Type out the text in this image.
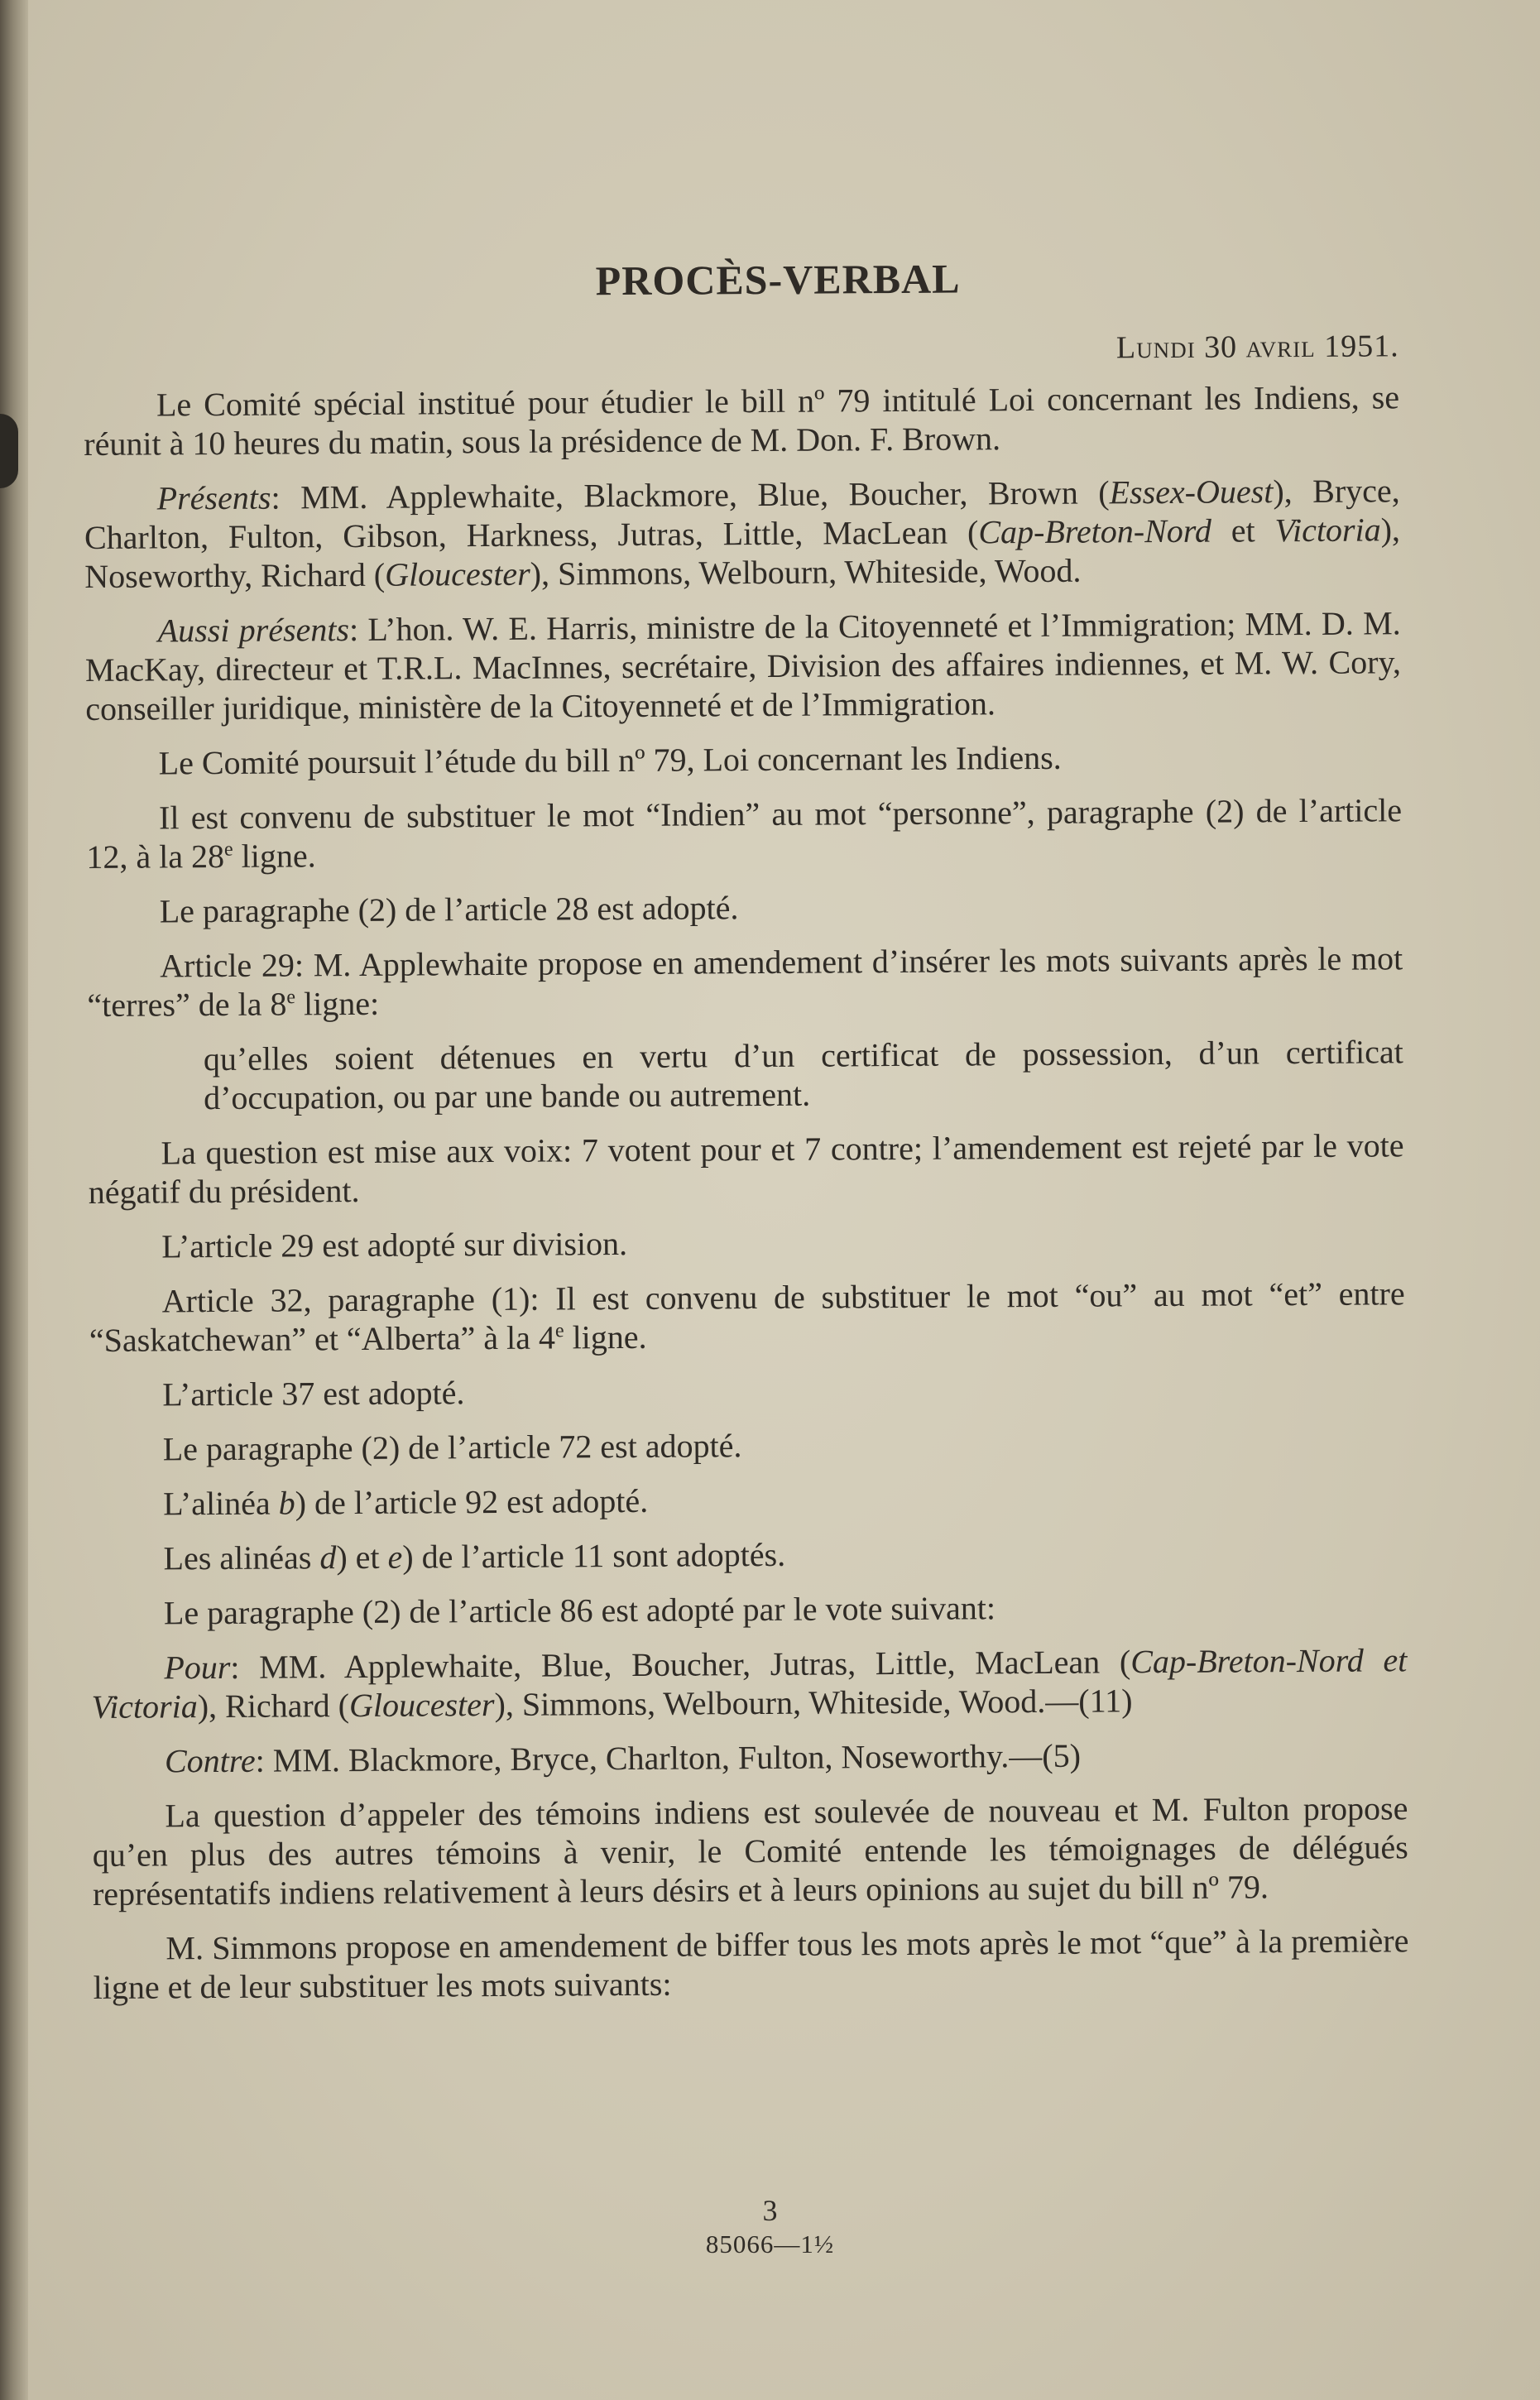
PROCÈS-VERBAL
Lundi 30 avril 1951.

Le Comité spécial institué pour étudier le bill nº 79 intitulé Loi concernant les Indiens, se réunit à 10 heures du matin, sous la présidence de M. Don. F. Brown.

Présents: MM. Applewhaite, Blackmore, Blue, Boucher, Brown (Essex-Ouest), Bryce, Charlton, Fulton, Gibson, Harkness, Jutras, Little, MacLean (Cap-Breton-Nord et Victoria), Noseworthy, Richard (Gloucester), Simmons, Welbourn, Whiteside, Wood.

Aussi présents: L’hon. W. E. Harris, ministre de la Citoyenneté et l’Immigration; MM. D. M. MacKay, directeur et T.R.L. MacInnes, secrétaire, Division des affaires indiennes, et M. W. Cory, conseiller juridique, ministère de la Citoyenneté et de l’Immigration.

Le Comité poursuit l’étude du bill nº 79, Loi concernant les Indiens.

Il est convenu de substituer le mot “Indien” au mot “personne”, paragraphe (2) de l’article 12, à la 28e ligne.

Le paragraphe (2) de l’article 28 est adopté.

Article 29: M. Applewhaite propose en amendement d’insérer les mots suivants après le mot “terres” de la 8e ligne:

qu’elles soient détenues en vertu d’un certificat de possession, d’un certificat d’occupation, ou par une bande ou autrement.

La question est mise aux voix: 7 votent pour et 7 contre; l’amendement est rejeté par le vote négatif du président.

L’article 29 est adopté sur division.

Article 32, paragraphe (1): Il est convenu de substituer le mot “ou” au mot “et” entre “Saskatchewan” et “Alberta” à la 4e ligne.

L’article 37 est adopté.

Le paragraphe (2) de l’article 72 est adopté.

L’alinéa b) de l’article 92 est adopté.

Les alinéas d) et e) de l’article 11 sont adoptés.

Le paragraphe (2) de l’article 86 est adopté par le vote suivant:

Pour: MM. Applewhaite, Blue, Boucher, Jutras, Little, MacLean (Cap-Breton-Nord et Victoria), Richard (Gloucester), Simmons, Welbourn, Whiteside, Wood.—(11)

Contre: MM. Blackmore, Bryce, Charlton, Fulton, Noseworthy.—(5)

La question d’appeler des témoins indiens est soulevée de nouveau et M. Fulton propose qu’en plus des autres témoins à venir, le Comité entende les témoignages de délégués représentatifs indiens relativement à leurs désirs et à leurs opinions au sujet du bill nº 79.

M. Simmons propose en amendement de biffer tous les mots après le mot “que” à la première ligne et de leur substituer les mots suivants:

3
85066—1½
